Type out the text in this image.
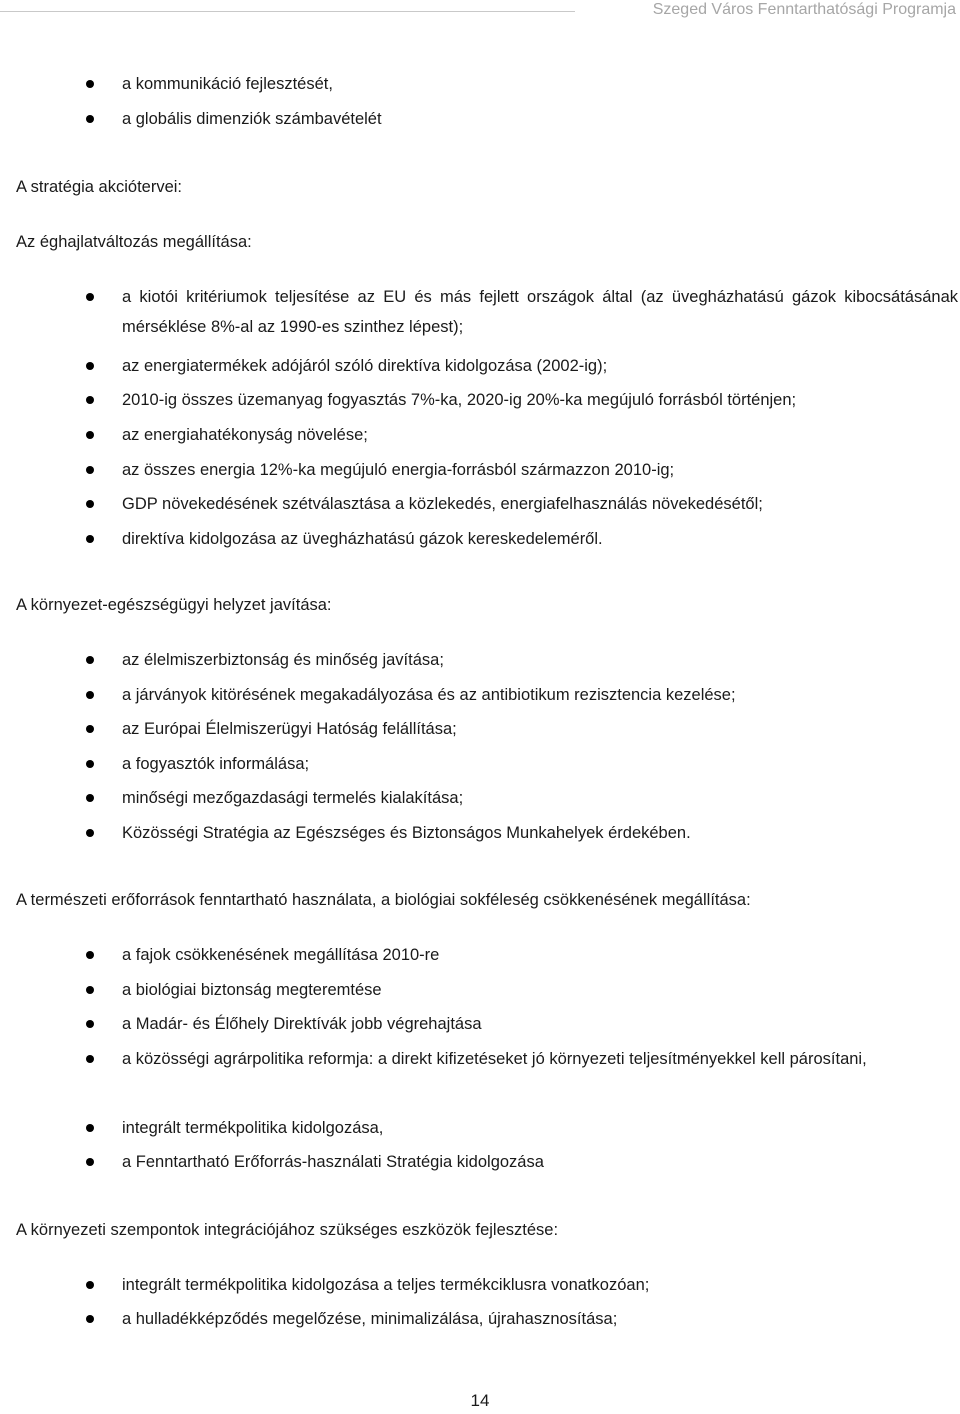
Szeged Város Fenntarthatósági Programja
a kommunikáció fejlesztését,
a globális dimenziók számbavételét
A stratégia akciótervei:
Az éghajlatváltozás megállítása:
a kiotói kritériumok teljesítése az EU és más fejlett országok által (az üvegházhatású gázok kibocsátásának mérséklése 8%-al az 1990-es szinthez lépest);
az energiatermékek adójáról szóló direktíva kidolgozása (2002-ig);
2010-ig összes üzemanyag fogyasztás 7%-ka, 2020-ig 20%-ka megújuló forrásból történjen;
az energiahatékonyság növelése;
az összes energia 12%-ka megújuló energia-forrásból származzon 2010-ig;
GDP növekedésének szétválasztása a közlekedés, energiafelhasználás növekedésétől;
direktíva kidolgozása az üvegházhatású gázok kereskedeleméről.
A környezet-egészségügyi helyzet javítása:
az élelmiszerbiztonság és minőség javítása;
a járványok kitörésének megakadályozása és az antibiotikum rezisztencia kezelése;
az Európai Élelmiszerügyi Hatóság felállítása;
a fogyasztók informálása;
minőségi mezőgazdasági termelés kialakítása;
Közösségi Stratégia az Egészséges és Biztonságos Munkahelyek érdekében.
A természeti erőforrások fenntartható használata, a biológiai sokféleség csökkenésének megállítása:
a fajok csökkenésének megállítása 2010-re
a biológiai biztonság megteremtése
a Madár- és Élőhely Direktívák jobb végrehajtása
a közösségi agrárpolitika reformja: a direkt kifizetéseket jó környezeti teljesítményekkel kell párosítani,
integrált termékpolitika kidolgozása,
a Fenntartható Erőforrás-használati Stratégia kidolgozása
A környezeti szempontok integrációjához szükséges eszközök fejlesztése:
integrált termékpolitika kidolgozása a teljes termékciklusra vonatkozóan;
a hulladékképződés megelőzése, minimalizálása, újrahasznosítása;
14
